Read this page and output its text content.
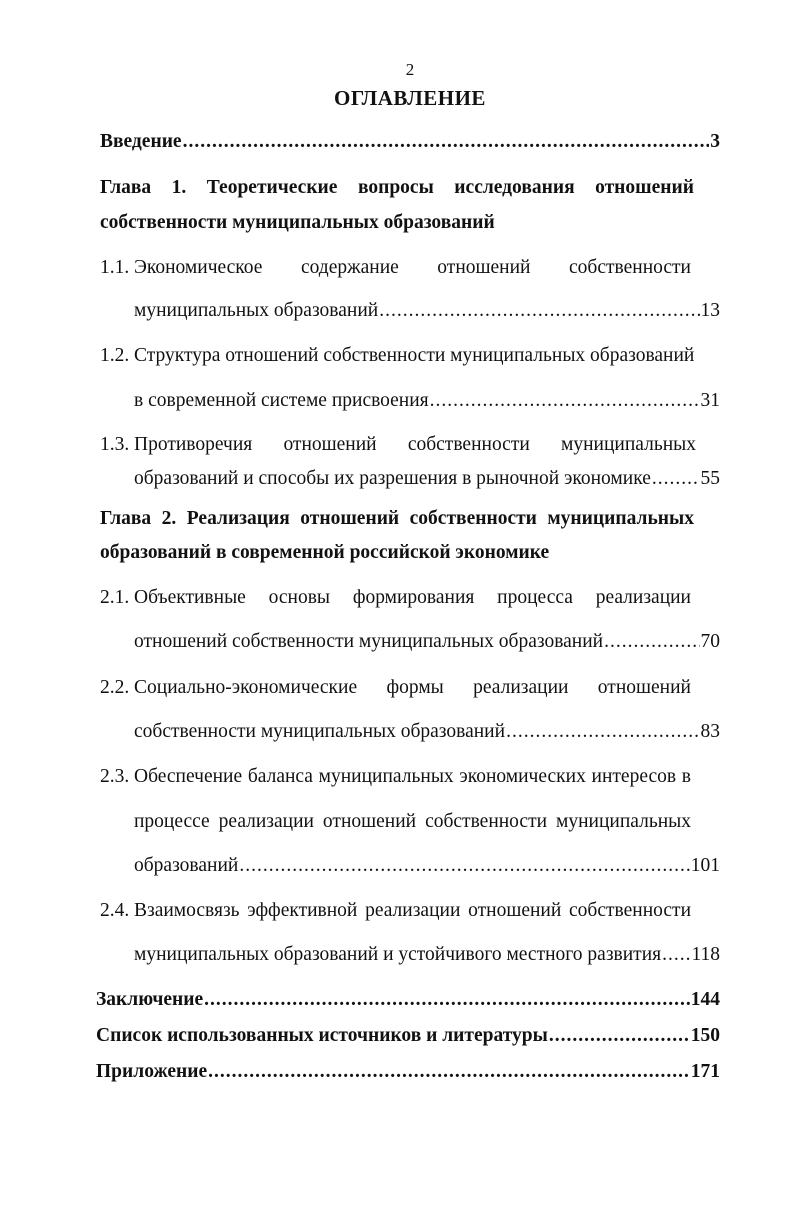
2
ОГЛАВЛЕНИЕ
Введение .....	3
Глава 1. Теоретические вопросы исследования отношений
собственности муниципальных образований
1.1. Экономическое содержание отношений собственности
муниципальных образований .....	13
1.2. Структура отношений собственности муниципальных образований
в современной системе присвоения .....	31
1.3. Противоречия отношений собственности муниципальных
образований и способы их разрешения в рыночной экономике .....	55
Глава 2. Реализация отношений собственности муниципальных
образований в современной российской экономике
2.1. Объективные основы формирования процесса реализации
отношений собственности муниципальных образований .....	70
2.2. Социально-экономические формы реализации отношений
собственности муниципальных образований .....	83
2.3. Обеспечение баланса муниципальных экономических интересов в
процессе реализации отношений собственности муниципальных
образований .....	101
2.4. Взаимосвязь эффективной реализации отношений собственности
муниципальных образований и устойчивого местного развития ..... 118
Заключение .....	144
Список использованных источников и литературы .....	150
Приложение .....	171
